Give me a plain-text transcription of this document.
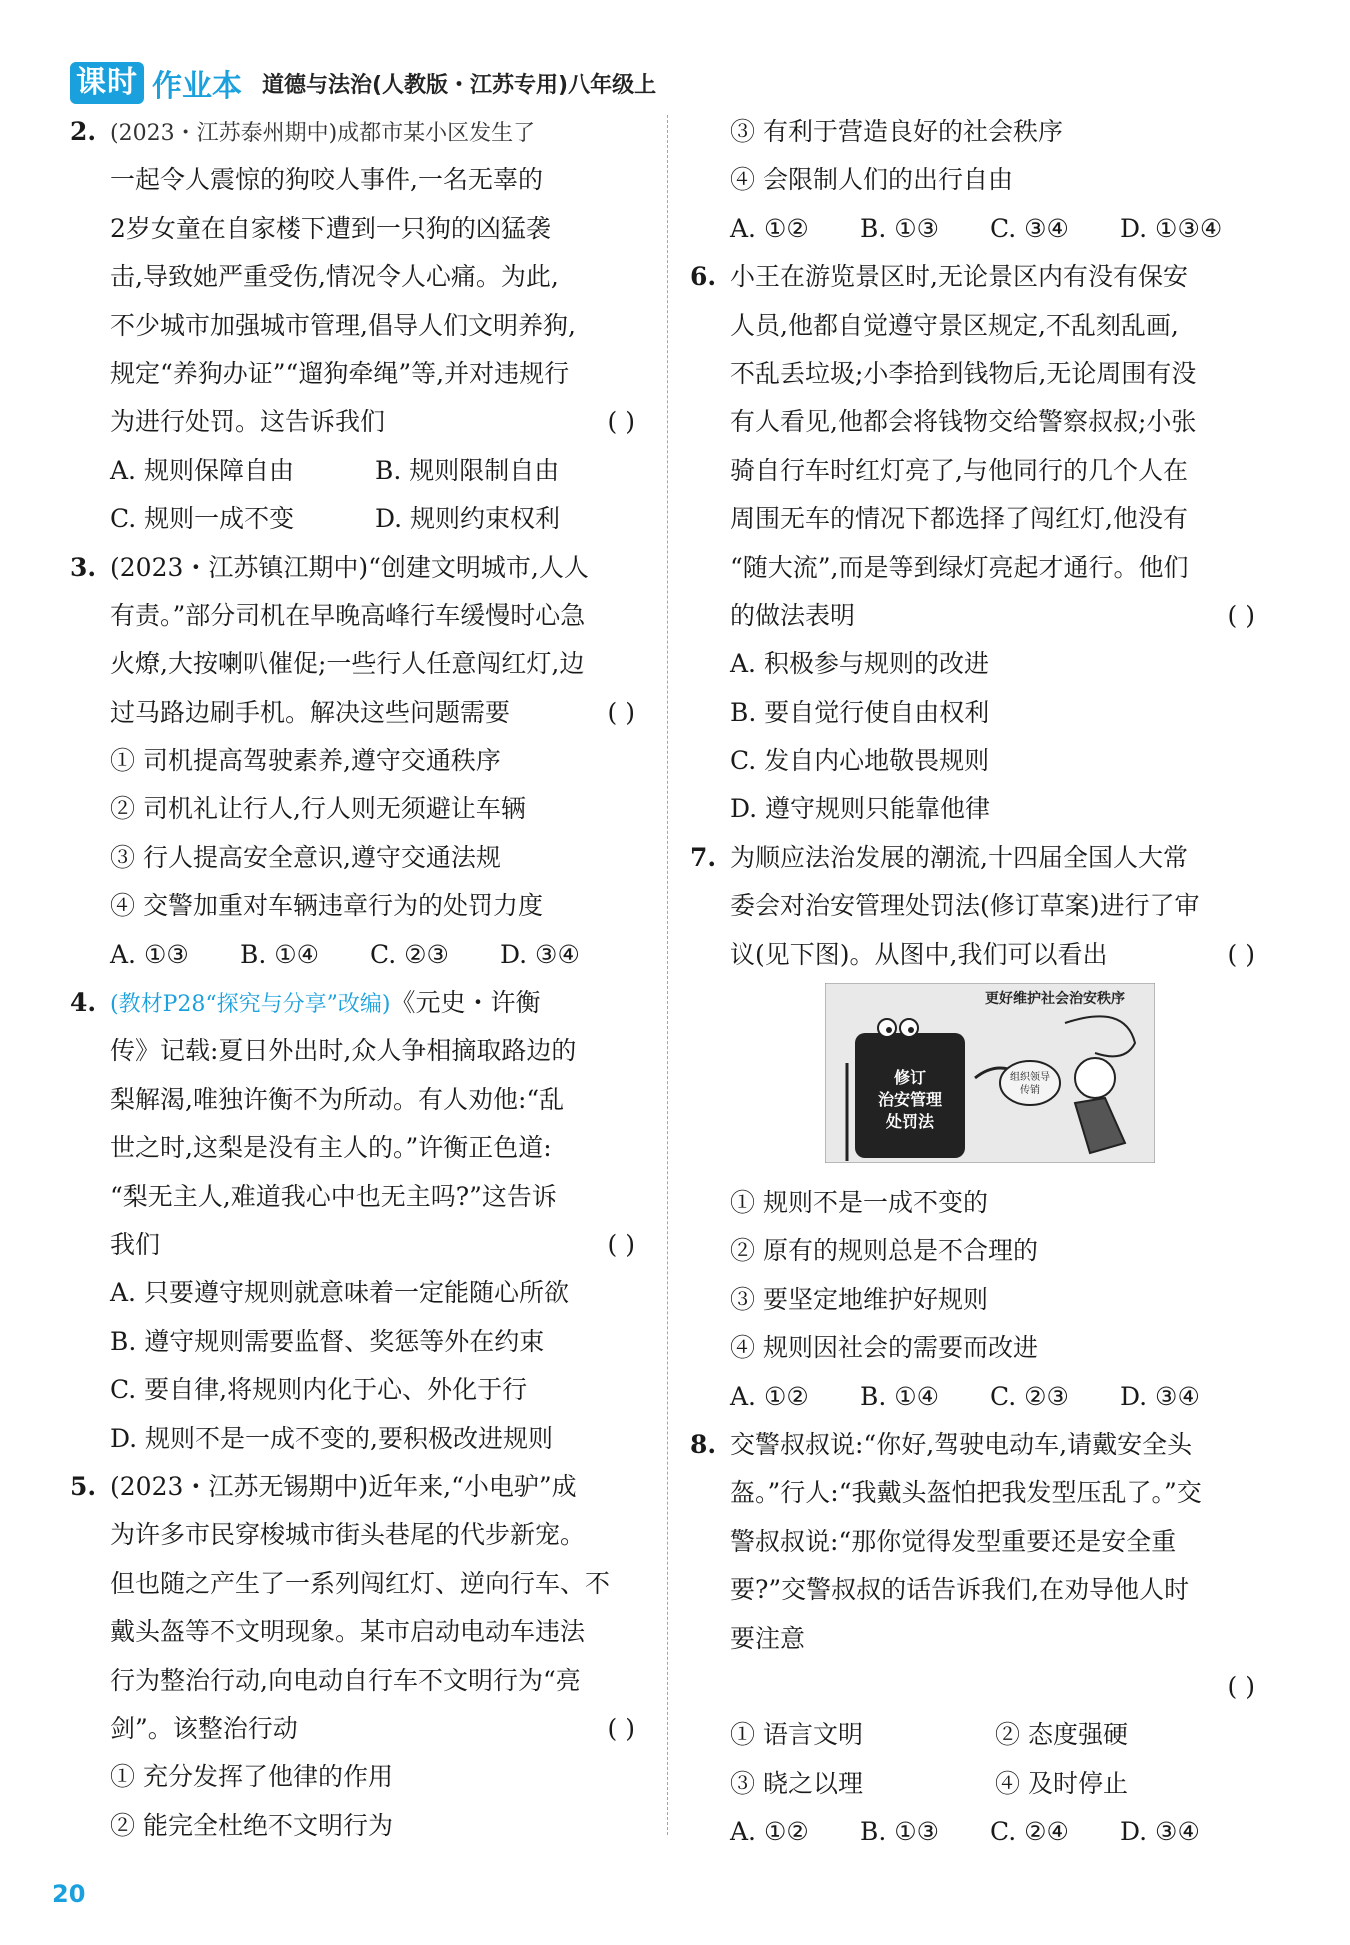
课时 作业本 道德与法治(人教版・江苏专用)八年级上
2. (2023・江苏泰州期中)成都市某小区发生了
一起令人震惊的狗咬人事件,一名无辜的
2岁女童在自家楼下遭到一只狗的凶猛袭
击,导致她严重受伤,情况令人心痛。为此,
不少城市加强城市管理,倡导人们文明养狗,
规定“养狗办证”“遛狗牵绳”等,并对违规行
为进行处罚。这告诉我们	( )
A. 规则保障自由	B. 规则限制自由
C. 规则一成不变	D. 规则约束权利
3. (2023・江苏镇江期中)“创建文明城市,人人
有责。”部分司机在早晚高峰行车缓慢时心急
火燎,大按喇叭催促;一些行人任意闯红灯,边
过马路边刷手机。解决这些问题需要	( )
① 司机提高驾驶素养,遵守交通秩序
② 司机礼让行人,行人则无须避让车辆
③ 行人提高安全意识,遵守交通法规
④ 交警加重对车辆违章行为的处罚力度
A. ①③	B. ①④	C. ②③	D. ③④
4. (教材P28“探究与分享”改编)《元史・许衡
传》记载:夏日外出时,众人争相摘取路边的
梨解渴,唯独许衡不为所动。有人劝他:“乱
世之时,这梨是没有主人的。”许衡正色道:
“梨无主人,难道我心中也无主吗?”这告诉
我们	( )
A. 只要遵守规则就意味着一定能随心所欲
B. 遵守规则需要监督、奖惩等外在约束
C. 要自律,将规则内化于心、外化于行
D. 规则不是一成不变的,要积极改进规则
5. (2023・江苏无锡期中)近年来,“小电驴”成
为许多市民穿梭城市街头巷尾的代步新宠。
但也随之产生了一系列闯红灯、逆向行车、不
戴头盔等不文明现象。某市启动电动车违法
行为整治行动,向电动自行车不文明行为“亮
剑”。该整治行动	( )
① 充分发挥了他律的作用
② 能完全杜绝不文明行为
③ 有利于营造良好的社会秩序
④ 会限制人们的出行自由
A. ①②	B. ①③	C. ③④	D. ①③④
6. 小王在游览景区时,无论景区内有没有保安
人员,他都自觉遵守景区规定,不乱刻乱画,
不乱丢垃圾;小李拾到钱物后,无论周围有没
有人看见,他都会将钱物交给警察叔叔;小张
骑自行车时红灯亮了,与他同行的几个人在
周围无车的情况下都选择了闯红灯,他没有
“随大流”,而是等到绿灯亮起才通行。他们
的做法表明	( )
A. 积极参与规则的改进
B. 要自觉行使自由权利
C. 发自内心地敬畏规则
D. 遵守规则只能靠他律
7. 为顺应法治发展的潮流,十四届全国人大常
委会对治安管理处罚法(修订草案)进行了审
议(见下图)。从图中,我们可以看出	( )
更好维护社会治安秩序
修订
治安管理
处罚法
组织领导
传销
① 规则不是一成不变的
② 原有的规则总是不合理的
③ 要坚定地维护好规则
④ 规则因社会的需要而改进
A. ①②	B. ①④	C. ②③	D. ③④
8. 交警叔叔说:“你好,驾驶电动车,请戴安全头
盔。”行人:“我戴头盔怕把我发型压乱了。”交
警叔叔说:“那你觉得发型重要还是安全重
要?”交警叔叔的话告诉我们,在劝导他人时
要注意
( )
① 语言文明	② 态度强硬
③ 晓之以理	④ 及时停止
A. ①②	B. ①③	C. ②④	D. ③④
20
